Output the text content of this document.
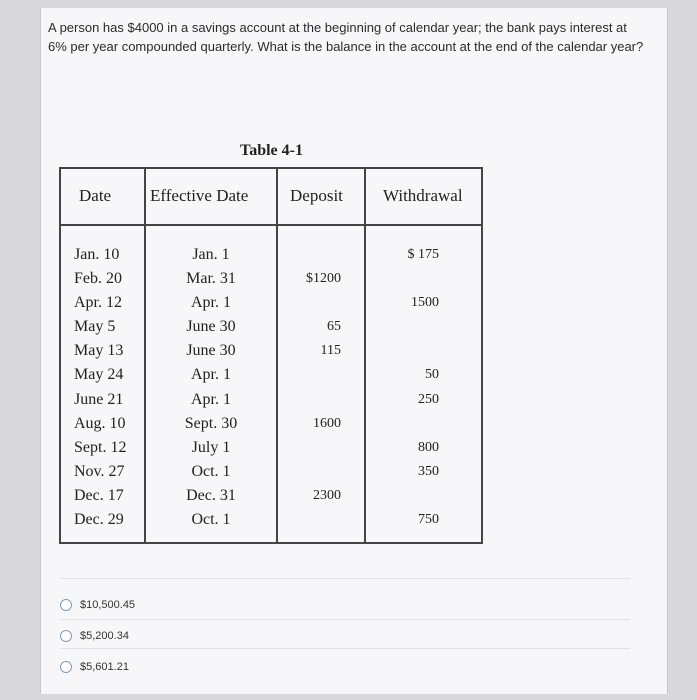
A person has $4000 in a savings account at the beginning of calendar year; the bank pays interest at 6% per year compounded quarterly. What is the balance in the account at the end of the calendar year?
Table 4-1
Date Effective Date Deposit Withdrawal
Jan. 10
Feb. 20
Apr. 12
May 5
May 13
May 24
June 21
Aug. 10
Sept. 12
Nov. 27
Dec. 17
Dec. 29
Jan. 1
Mar. 31
Apr. 1
June 30
June 30
Apr. 1
Apr. 1
Sept. 30
July 1
Oct. 1
Dec. 31
Oct. 1
$1200
65
115
1600
2300
$ 175
1500
50
250
800
350
750
$10,500.45
$5,200.34
$5,601.21
